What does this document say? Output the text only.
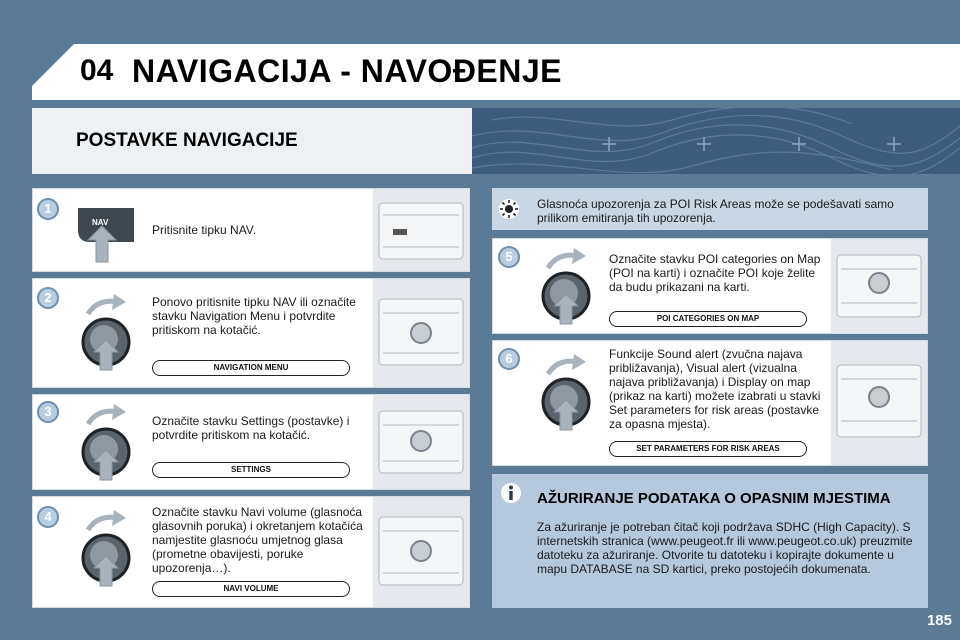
04 NAVIGACIJA - NAVOĐENJE
POSTAVKE NAVIGACIJE
1
NAV
Pritisnite tipku NAV.
2	Ponovo pritisnite tipku NAV ili označite stavku Navigation Menu i potvrdite pritiskom na kotačić.
NAVIGATION MENU
3
Označite stavku Settings (postavke) i potvrdite pritiskom na kotačić.
SETTINGS
4	Označite stavku Navi volume (glasnoća glasovnih poruka) i okretanjem kotačića namjestite glasnoću umjetnog glasa (prometne obavijesti, poruke upozorenja…).
NAVI VOLUME
Glasnoća upozorenja za POI Risk Areas može se podešavati samo prilikom emitiranja tih upozorenja.
5	Označite stavku POI categories on Map (POI na karti) i označite POI koje želite da budu prikazani na karti.
POI CATEGORIES ON MAP
6	Funkcije Sound alert (zvučna najava približavanja), Visual alert (vizualna najava približavanja) i Display on map (prikaz na karti) možete izabrati u stavki Set parameters for risk areas (postavke za opasna mjesta).
SET PARAMETERS FOR RISK AREAS
AŽURIRANJE PODATAKA O OPASNIM MJESTIMA
Za ažuriranje je potreban čitač koji podržava SDHC (High Capacity). S internetskih stranica (www.peugeot.fr ili www.peugeot.co.uk) preuzmite datoteku za ažuriranje. Otvorite tu datoteku i kopirajte dokumente u mapu DATABASE na SD kartici, preko postojećih dokumenata.
185
